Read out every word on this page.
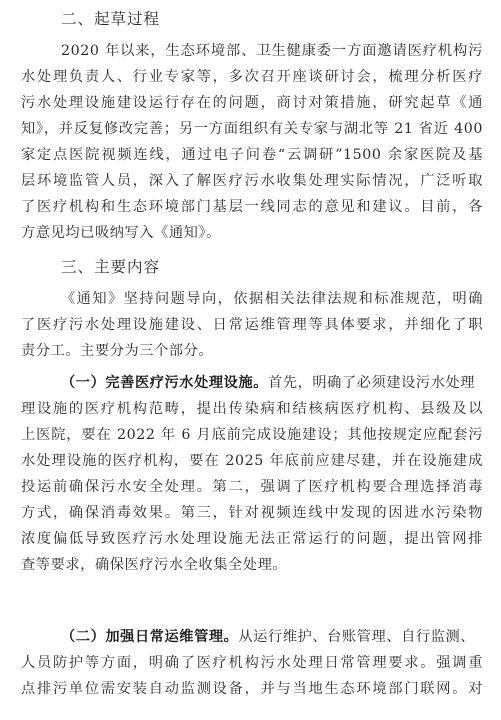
二、起草过程
2020 年以来，生态环境部、卫生健康委一方面邀请医疗机构污
水处理负责人、行业专家等，多次召开座谈研讨会，梳理分析医疗
污水处理设施建设运行存在的问题，商讨对策措施，研究起草《通
知》，并反复修改完善；另一方面组织有关专家与湖北等 21 省近 400
家定点医院视频连线，通过电子问卷“云调研”1500 余家医院及基
层环境监管人员，深入了解医疗污水收集处理实际情况，广泛听取
了医疗机构和生态环境部门基层一线同志的意见和建议。目前，各
方意见均已吸纳写入《通知》。
三、主要内容
《通知》坚持问题导向，依据相关法律法规和标准规范，明确
了医疗污水处理设施建设、日常运维管理等具体要求，并细化了职
责分工。主要分为三个部分。
（一）完善医疗污水处理设施。首先，明确了必须建设污水处理
理设施的医疗机构范畴，提出传染病和结核病医疗机构、县级及以
上医院，要在 2022 年 6 月底前完成设施建设；其他按规定应配套污
水处理设施的医疗机构，要在 2025 年底前应建尽建，并在设施建成
投运前确保污水安全处理。第二，强调了医疗机构要合理选择消毒
方式，确保消毒效果。第三，针对视频连线中发现的因进水污染物
浓度偏低导致医疗污水处理设施无法正常运行的问题，提出管网排
查等要求，确保医疗污水全收集全处理。
（二）加强日常运维管理。从运行维护、台账管理、自行监测、
人员防护等方面，明确了医疗机构污水处理日常管理要求。强调重
点排污单位需安装自动监测设备，并与当地生态环境部门联网。对
